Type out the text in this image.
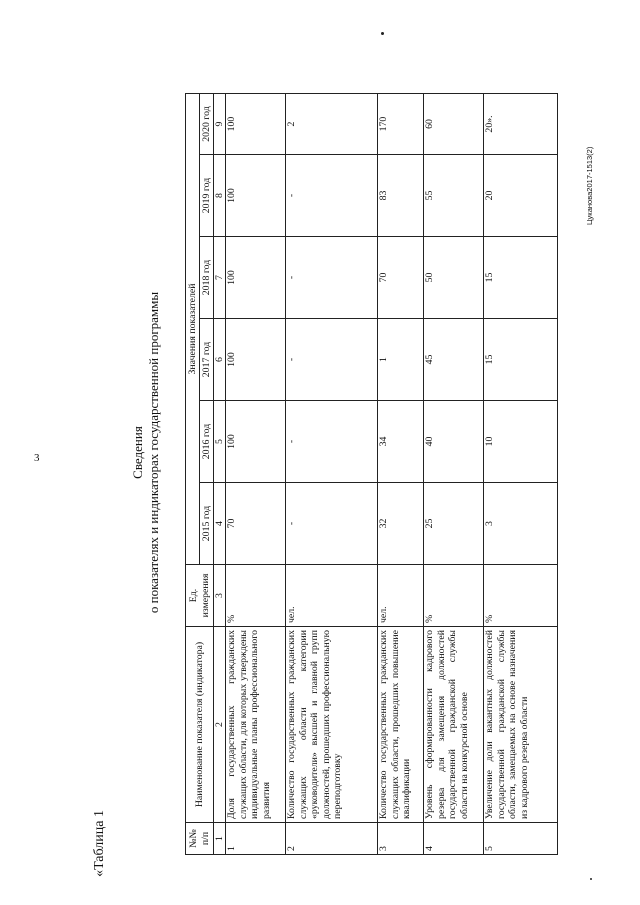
3
«Таблица 1
Сведения о показателях и индикаторах государственной программы
№№ п/п	Наименование показателя (индикатора)	Ед. измерения	Значения показателей					
			2015 год	2016 год	2017 год	2018 год	2019 год	2020 год
1	2	3	4	5	6	7	8	9
1	Доля государственных гражданских служащих области, для которых утверждены индивидуальные планы профессионального развития	%	70	100	100	100	100	100
2	Количество государственных гражданских служащих области категории «руководители» высшей и главной групп должностей, прошедших профессиональную переподготовку	чел.	-	-	-	-	-	2
3	Количество государственных гражданских служащих области, прошедших повышение квалификации	чел.	32	34	1	70	83	170
4	Уровень сформированности кадрового резерва для замещения должностей государственной гражданской службы области на конкурсной основе	%	25	40	45	50	55	60
5	Увеличение доли вакантных должностей государственной гражданской службы области, замещаемых на основе назначения из кадрового резерва области	%	3	10	15	15	20	20».
Цуканова2017-1513(2)
